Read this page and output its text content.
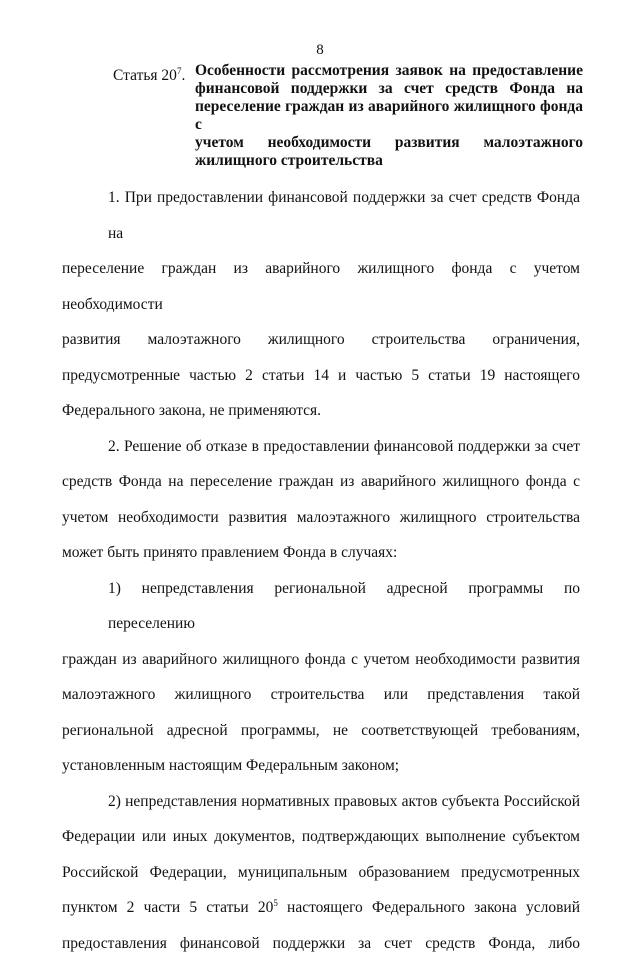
8
Статья $20^7$. Особенности рассмотрения заявок на предоставление
финансовой поддержки за счет средств Фонда на
переселение граждан из аварийного жилищного фонда с
учетом необходимости развития малоэтажного
жилищного строительства
1. При предоставлении финансовой поддержки за счет средств Фонда на
переселение граждан из аварийного жилищного фонда с учетом необходимости
развития малоэтажного жилищного строительства ограничения,
предусмотренные частью 2 статьи 14 и частью 5 статьи 19 настоящего
Федерального закона, не применяются.
2. Решение об отказе в предоставлении финансовой поддержки за счет
средств Фонда на переселение граждан из аварийного жилищного фонда с
учетом необходимости развития малоэтажного жилищного строительства
может быть принято правлением Фонда в случаях:
1) непредставления региональной адресной программы по переселению
граждан из аварийного жилищного фонда с учетом необходимости развития
малоэтажного жилищного строительства или представления такой
региональной адресной программы, не соответствующей требованиям,
установленным настоящим Федеральным законом;
2) непредставления нормативных правовых актов субъекта Российской
Федерации или иных документов, подтверждающих выполнение субъектом
Российской Федерации, муниципальным образованием предусмотренных
пунктом 2 части 5 статьи $20^5$ настоящего Федерального закона условий
предоставления финансовой поддержки за счет средств Фонда, либо
